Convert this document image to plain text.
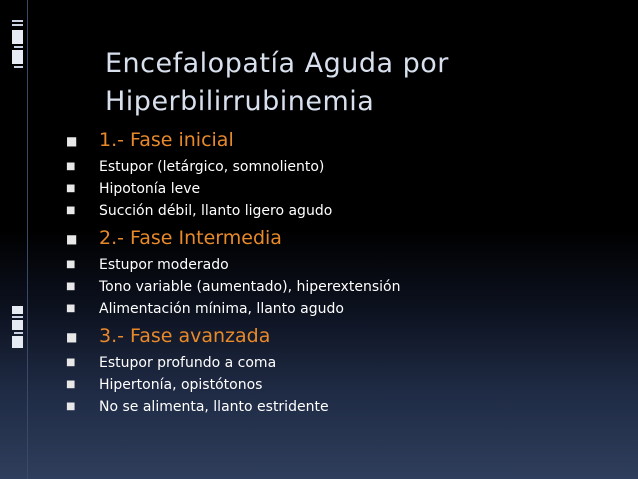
Encefalopatía Aguda por
Hiperbilirrubinemia
■ 1.- Fase inicial
■ Estupor (letárgico, somnoliento)
■ Hipotonía leve
■ Succión débil, llanto ligero agudo
■ 2.- Fase Intermedia
■ Estupor moderado
■ Tono variable (aumentado), hiperextensión
■ Alimentación mínima, llanto agudo
■ 3.- Fase avanzada
■ Estupor profundo a coma
■ Hipertonía, opistótonos
■ No se alimenta, llanto estridente
